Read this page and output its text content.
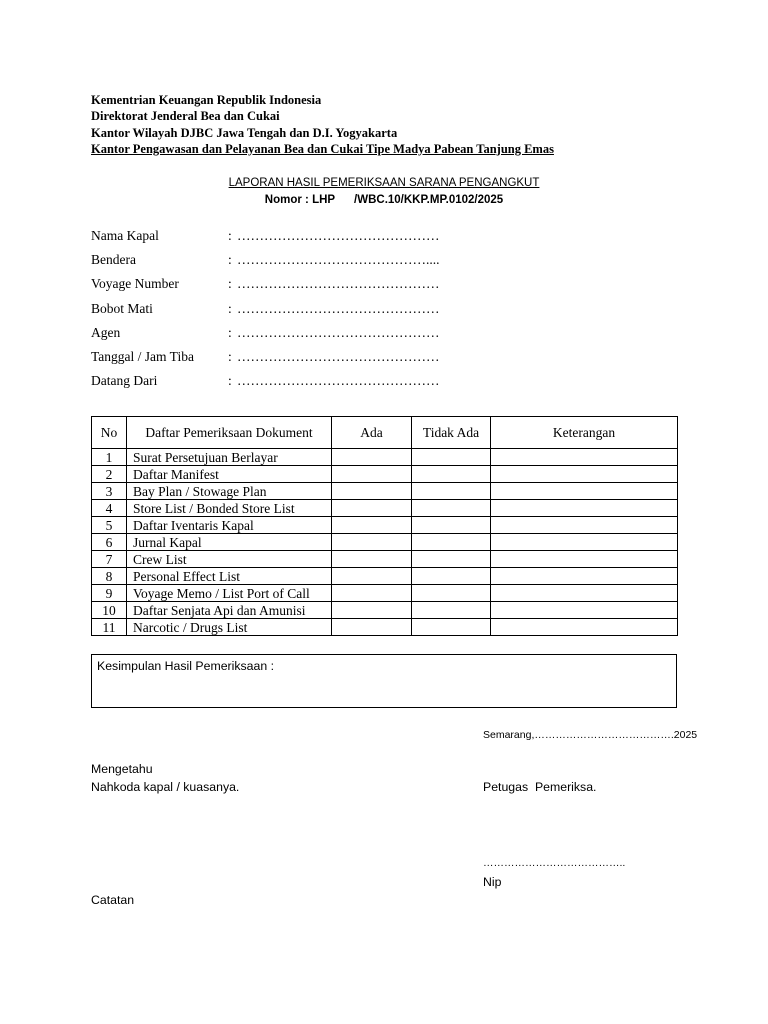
Kementrian Keuangan Republik Indonesia
Direktorat Jenderal Bea dan Cukai
Kantor Wilayah DJBC Jawa Tengah dan D.I. Yogyakarta
Kantor Pengawasan dan Pelayanan Bea dan Cukai Tipe Madya Pabean Tanjung Emas
LAPORAN HASIL PEMERIKSAAN SARANA PENGANGKUT
Nomor : LHP      /WBC.10/KKP.MP.0102/2025
Nama Kapal	: ………………………………………
Bendera	: ……………………………………....
Voyage Number	: ………………………………………
Bobot Mati	: ………………………………………
Agen	: ………………………………………
Tanggal / Jam Tiba	: ………………………………………
Datang Dari	: ………………………………………
No	Daftar Pemeriksaan Dokument	Ada	Tidak Ada	Keterangan
1	Surat Persetujuan Berlayar			
2	Daftar Manifest			
3	Bay Plan / Stowage Plan			
4	Store List / Bonded Store List			
5	Daftar Iventaris Kapal			
6	Jurnal Kapal			
7	Crew List			
8	Personal Effect List			
9	Voyage Memo / List Port of Call			
10	Daftar Senjata Api dan Amunisi			
11	Narcotic / Drugs List			
Kesimpulan Hasil Pemeriksaan :
Semarang,………………………………….2025
Mengetahu
Nahkoda kapal / kuasanya.	Petugas  Pemeriksa.
…………………………………..
Nip
Catatan
